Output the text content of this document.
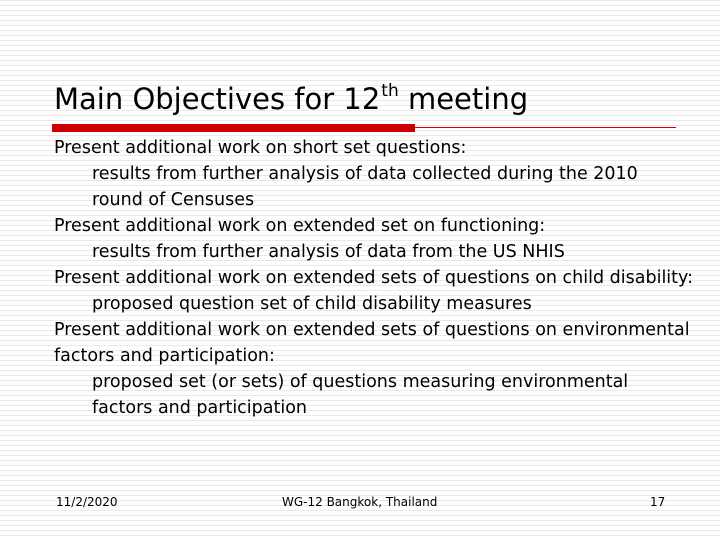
Main Objectives for 12th meeting

Present additional work on short set questions:

results from further analysis of data collected during the 2010 round of Censuses

Present additional work on extended set on functioning:

results from further analysis of data from the US NHIS

Present additional work on extended sets of questions on child disability:

proposed question set of child disability measures

Present additional work on extended sets of questions on environmental factors and participation:

proposed set (or sets) of questions measuring environmental factors and participation

11/2/2020	WG-12 Bangkok, Thailand	17
